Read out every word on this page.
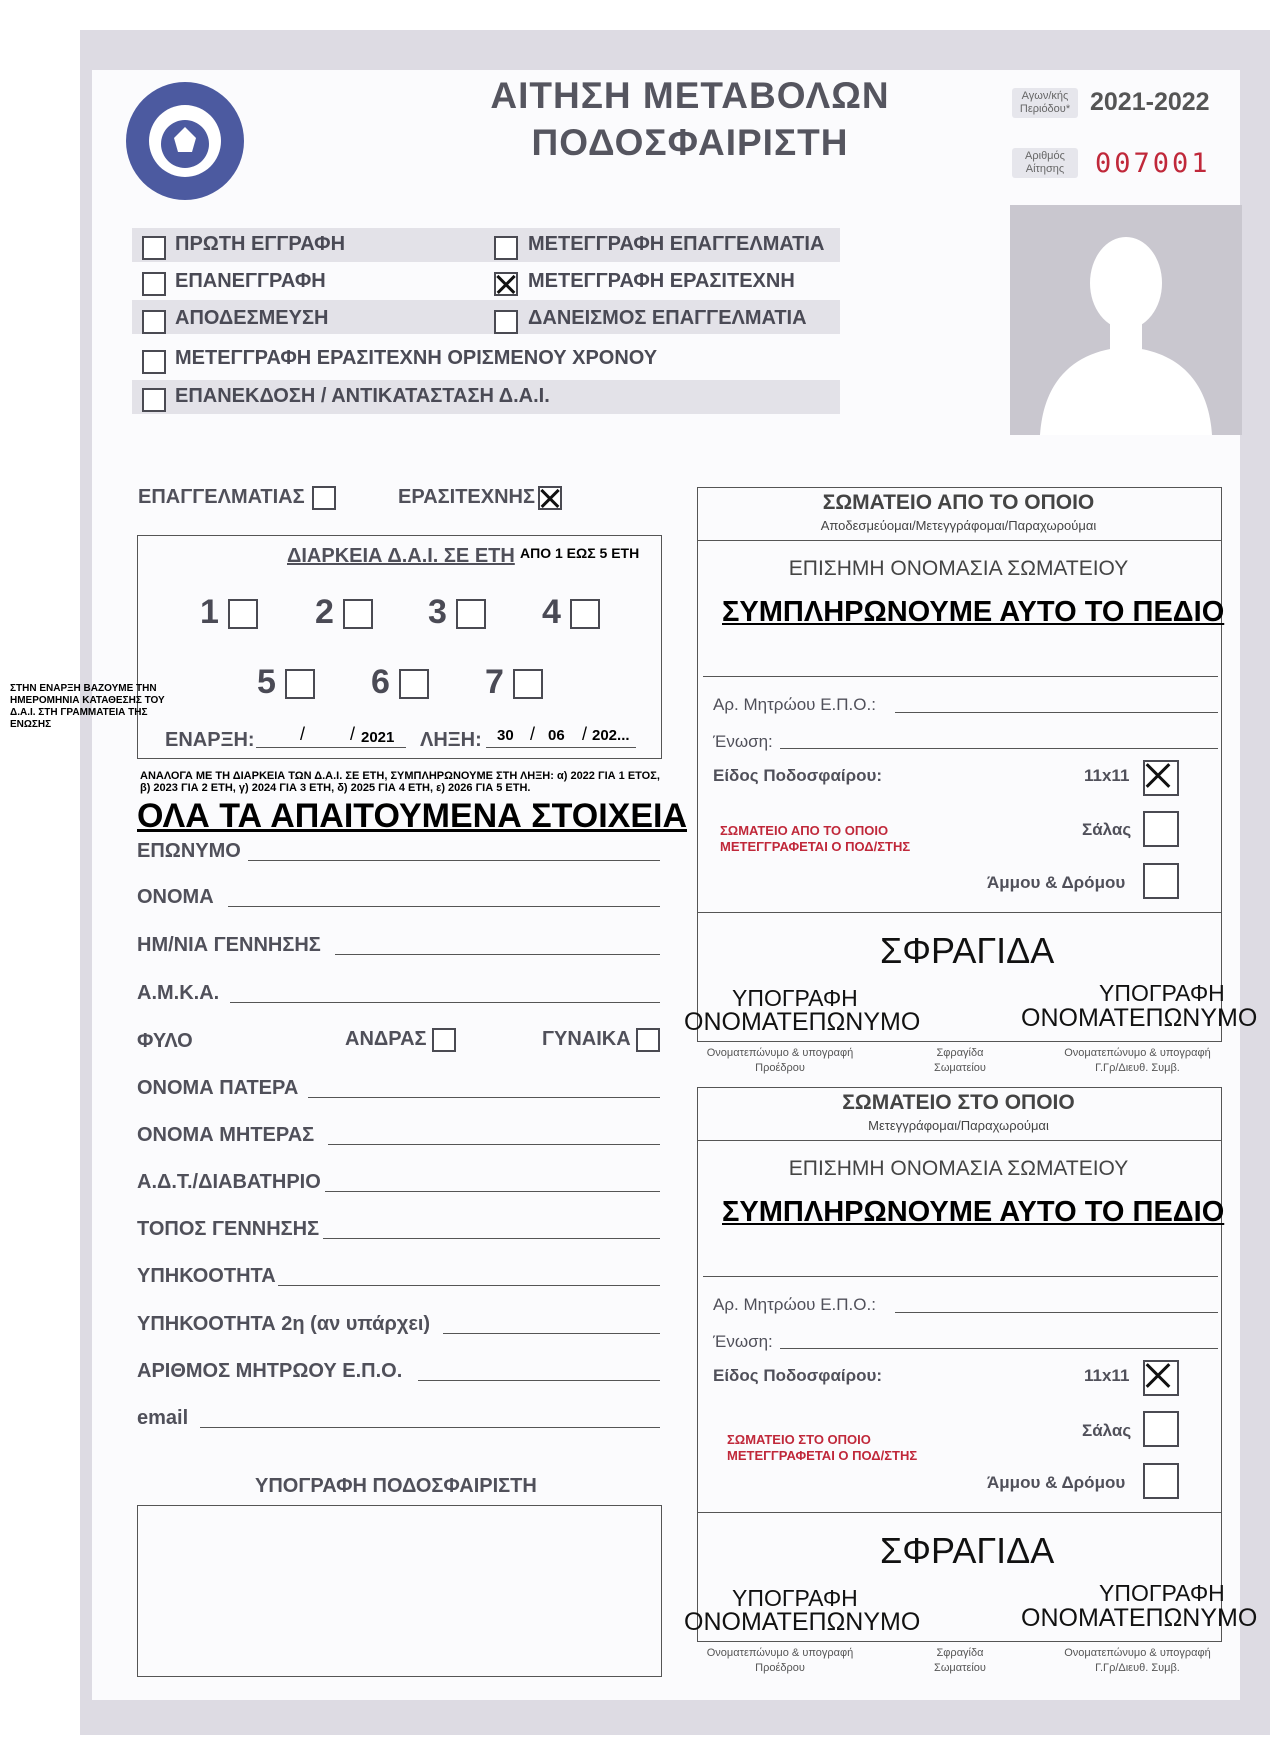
ΑΙΤΗΣΗ ΜΕΤΑΒΟΛΩΝ
ΠΟΔΟΣΦΑΙΡΙΣΤΗ
Αγων/κής Περιόδου* 2021-2022
Αριθμός Αίτησης	007001
ΠΡΩΤΗ ΕΓΓΡΑΦΗ	ΜΕΤΕΓΓΡΑΦΗ ΕΠΑΓΓΕΛΜΑΤΙΑ
ΕΠΑΝΕΓΓΡΑΦΗ	ΜΕΤΕΓΓΡΑΦΗ ΕΡΑΣΙΤΕΧΝΗ
ΑΠΟΔΕΣΜΕΥΣΗ	ΔΑΝΕΙΣΜΟΣ ΕΠΑΓΓΕΛΜΑΤΙΑ
ΜΕΤΕΓΓΡΑΦΗ ΕΡΑΣΙΤΕΧΝΗ ΟΡΙΣΜΕΝΟΥ ΧΡΟΝΟΥ
ΕΠΑΝΕΚΔΟΣΗ / ΑΝΤΙΚΑΤΑΣΤΑΣΗ Δ.Α.Ι.
ΕΠΑΓΓΕΛΜΑΤΙΑΣ	ΕΡΑΣΙΤΕΧΝΗΣ
ΔΙΑΡΚΕΙΑ Δ.Α.Ι. ΣΕ ΕΤΗ ΑΠΟ 1 ΕΩΣ 5 ΕΤΗ
1	2	3	4
5	6	7
ΕΝΑΡΞΗ:	/ / 2021 ΛΗΞΗ: 30 / 06 / 202...
ΣΤΗΝ ΕΝΑΡΞΗ ΒΑΖΟΥΜΕ ΤΗΝ ΗΜΕΡΟΜΗΝΙΑ ΚΑΤΑΘΕΣΗΣ ΤΟΥ Δ.Α.Ι. ΣΤΗ ΓΡΑΜΜΑΤΕΙΑ ΤΗΣ ΕΝΩΣΗΣ
ΑΝΑΛΟΓΑ ΜΕ ΤΗ ΔΙΑΡΚΕΙΑ ΤΩΝ Δ.Α.Ι. ΣΕ ΕΤΗ, ΣΥΜΠΛΗΡΩΝΟΥΜΕ ΣΤΗ ΛΗΞΗ: α) 2022 ΓΙΑ 1 ΕΤΟΣ, β) 2023 ΓΙΑ 2 ΕΤΗ, γ) 2024 ΓΙΑ 3 ΕΤΗ, δ) 2025 ΓΙΑ 4 ΕΤΗ, ε) 2026 ΓΙΑ 5 ΕΤΗ.
ΟΛΑ ΤΑ ΑΠΑΙΤΟΥΜΕΝΑ ΣΤΟΙΧΕΙΑ
ΕΠΩΝΥΜΟ
ΟΝΟΜΑ
ΗΜ/ΝΙΑ ΓΕΝΝΗΣΗΣ
Α.Μ.Κ.Α.
ΦΥΛΟ	ΑΝΔΡΑΣ	ΓΥΝΑΙΚΑ
ΟΝΟΜΑ ΠΑΤΕΡΑ
ΟΝΟΜΑ ΜΗΤΕΡΑΣ
Α.Δ.Τ./ΔΙΑΒΑΤΗΡΙΟ
ΤΟΠΟΣ ΓΕΝΝΗΣΗΣ
ΥΠΗΚΟΟΤΗΤΑ
ΥΠΗΚΟΟΤΗΤΑ 2η (αν υπάρχει)
ΑΡΙΘΜΟΣ ΜΗΤΡΩΟΥ Ε.Π.Ο.
email
ΥΠΟΓΡΑΦΗ ΠΟΔΟΣΦΑΙΡΙΣΤΗ
ΣΩΜΑΤΕΙΟ ΑΠΟ ΤΟ ΟΠΟΙΟ
Αποδεσμεύομαι/Μετεγγράφομαι/Παραχωρούμαι
ΕΠΙΣΗΜΗ ΟΝΟΜΑΣΙΑ ΣΩΜΑΤΕΙΟΥ
ΣΥΜΠΛΗΡΩΝΟΥΜΕ ΑΥΤΟ ΤΟ ΠΕΔΙΟ
Αρ. Μητρώου Ε.Π.Ο.:
Ένωση:
Είδος Ποδοσφαίρου:	11x11
ΣΩΜΑΤΕΙΟ ΑΠΟ ΤΟ ΟΠΟΙΟ ΜΕΤΕΓΓΡΑΦΕΤΑΙ Ο ΠΟΔ/ΣΤΗΣ
Σάλας
Άμμου & Δρόμου
ΣΦΡΑΓΙΔΑ
ΥΠΟΓΡΑΦΗ
ΟΝΟΜΑΤΕΠΩΝΥΜΟ
ΥΠΟΓΡΑΦΗ
ΟΝΟΜΑΤΕΠΩΝΥΜΟ
Ονοματεπώνυμο & υπογραφή Προέδρου
Σφραγίδα Σωματείου
Ονοματεπώνυμο & υπογραφή Γ.Γρ/Διευθ. Συμβ.
ΣΩΜΑΤΕΙΟ ΣΤΟ ΟΠΟΙΟ
Μετεγγράφομαι/Παραχωρούμαι
ΕΠΙΣΗΜΗ ΟΝΟΜΑΣΙΑ ΣΩΜΑΤΕΙΟΥ
ΣΥΜΠΛΗΡΩΝΟΥΜΕ ΑΥΤΟ ΤΟ ΠΕΔΙΟ
Αρ. Μητρώου Ε.Π.Ο.:
Ένωση:
Είδος Ποδοσφαίρου:	11x11
ΣΩΜΑΤΕΙΟ ΣΤΟ ΟΠΟΙΟ ΜΕΤΕΓΓΡΑΦΕΤΑΙ Ο ΠΟΔ/ΣΤΗΣ
Σάλας
Άμμου & Δρόμου
ΣΦΡΑΓΙΔΑ
ΥΠΟΓΡΑΦΗ
ΟΝΟΜΑΤΕΠΩΝΥΜΟ
ΥΠΟΓΡΑΦΗ
ΟΝΟΜΑΤΕΠΩΝΥΜΟ
Ονοματεπώνυμο & υπογραφή Προέδρου
Σφραγίδα Σωματείου
Ονοματεπώνυμο & υπογραφή Γ.Γρ/Διευθ. Συμβ.
